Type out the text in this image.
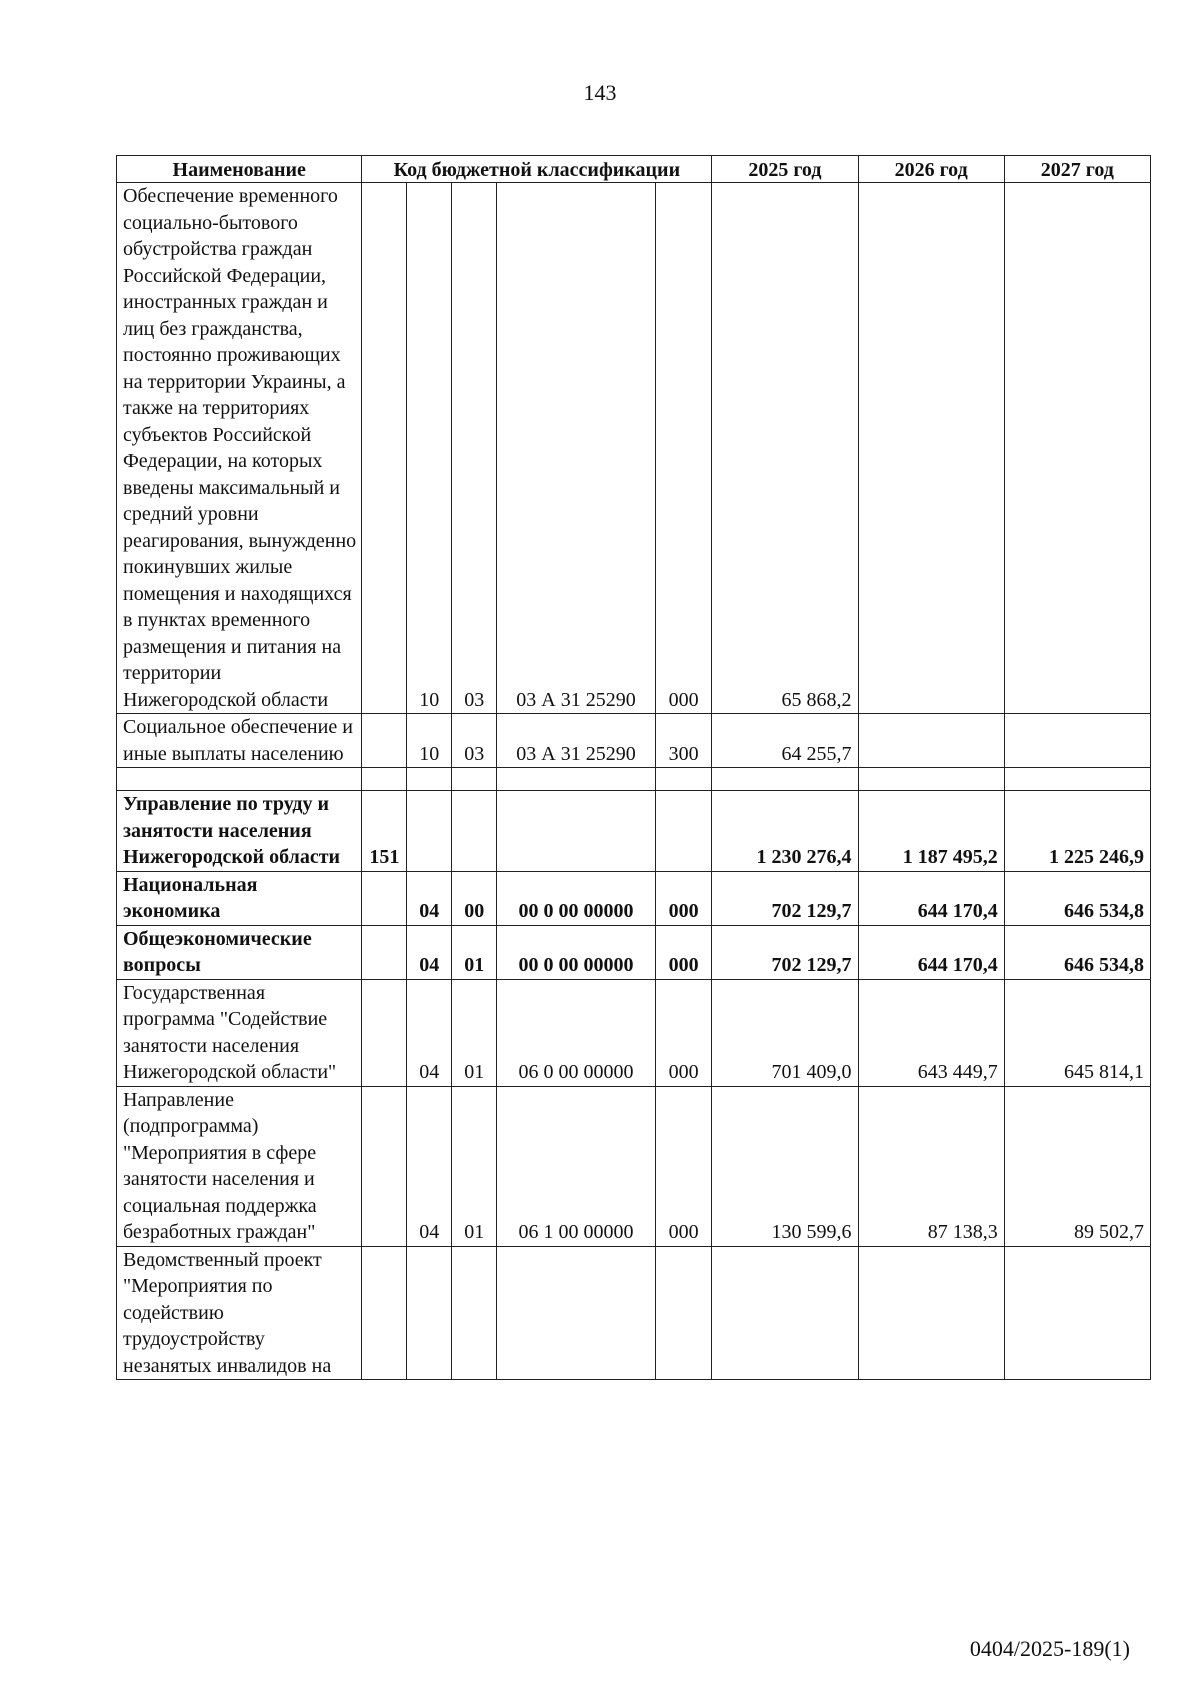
143
Наименование	Код бюджетной классификации					2025 год	2026 год	2027 год
Обеспечение временного социально-бытового обустройства граждан Российской Федерации, иностранных граждан и лиц без гражданства, постоянно проживающих на территории Украины, а также на территориях субъектов Российской Федерации, на которых введены максимальный и средний уровни реагирования, вынужденно покинувших жилые помещения и находящихся в пунктах временного размещения и питания на территории Нижегородской области		10	03	03 А 31 25290	000	65 868,2		
Социальное обеспечение и иные выплаты населению		10	03	03 А 31 25290	300	64 255,7		

Управление по труду и занятости населения Нижегородской области	151					1 230 276,4	1 187 495,2	1 225 246,9
Национальная экономика		04	00	00 0 00 00000	000	702 129,7	644 170,4	646 534,8
Общеэкономические вопросы		04	01	00 0 00 00000	000	702 129,7	644 170,4	646 534,8
Государственная программа "Содействие занятости населения Нижегородской области"		04	01	06 0 00 00000	000	701 409,0	643 449,7	645 814,1
Направление (подпрограмма) "Мероприятия в сфере занятости населения и социальная поддержка безработных граждан"		04	01	06 1 00 00000	000	130 599,6	87 138,3	89 502,7
Ведомственный проект "Мероприятия по содействию трудоустройству незанятых инвалидов на								
0404/2025-189(1)
